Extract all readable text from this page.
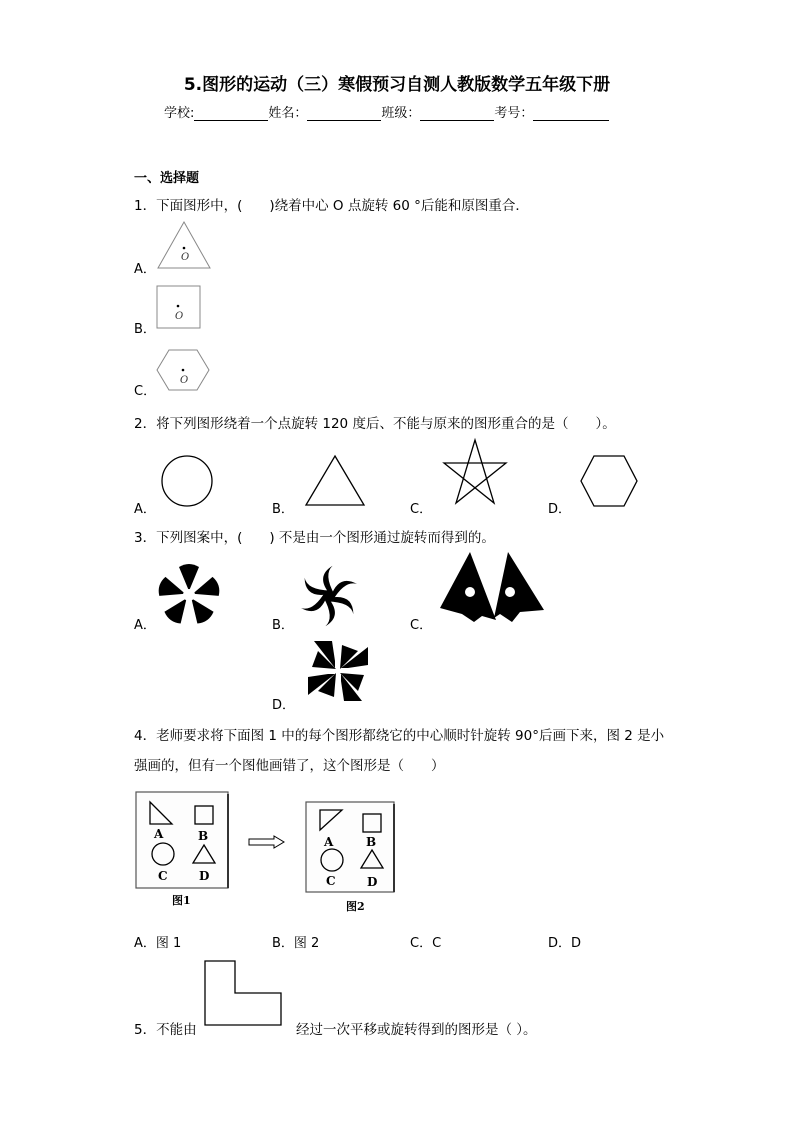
5.图形的运动（三）寒假预习自测人教版数学五年级下册
学校:	姓名：	班级：	考号：
一、选择题
1．下面图形中，(　　)绕着中心 O 点旋转 60 °后能和原图重合．
A．
O
B．
O
C．
O
2．将下列图形绕着一个点旋转 120 度后、不能与原来的图形重合的是（　　）。
A．	B．	C．	D．
3．下列图案中，(　　) 不是由一个图形通过旋转而得到的。
A．	B．	C．
D．
4．老师要求将下面图 1 中的每个图形都绕它的中心顺时针旋转 90°后画下来，图 2 是小
强画的，但有一个图他画错了，这个图形是（　　）
A	B
C	D
图1
A	B
C	D
图2
A．图 1	B．图 2	C．C	D．D
5．不能由	经过一次平移或旋转得到的图形是（ ）。
